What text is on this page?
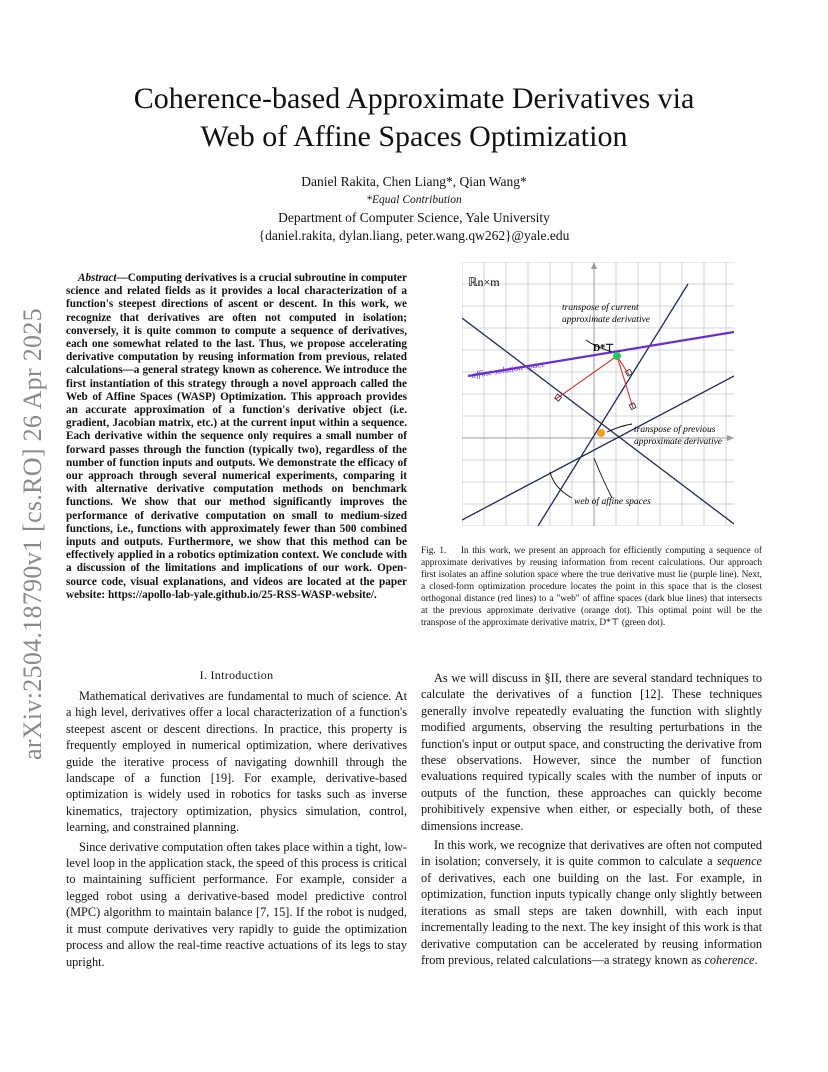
arXiv:2504.18790v1 [cs.RO] 26 Apr 2025
Coherence-based Approximate Derivatives via
Web of Affine Spaces Optimization
Daniel Rakita, Chen Liang*, Qian Wang*
*Equal Contribution
Department of Computer Science, Yale University
{daniel.rakita, dylan.liang, peter.wang.qw262}@yale.edu

Abstract—Computing derivatives is a crucial subroutine in computer science and related fields as it provides a local characterization of a function's steepest directions of ascent or descent. In this work, we recognize that derivatives are often not computed in isolation; conversely, it is quite common to compute a sequence of derivatives, each one somewhat related to the last. Thus, we propose accelerating derivative computation by reusing information from previous, related calculations—a general strategy known as coherence. We introduce the first instantiation of this strategy through a novel approach called the Web of Affine Spaces (WASP) Optimization. This approach provides an accurate approximation of a function's derivative object (i.e. gradient, Jacobian matrix, etc.) at the current input within a sequence. Each derivative within the sequence only requires a small number of forward passes through the function (typically two), regardless of the number of function inputs and outputs. We demonstrate the efficacy of our approach through several numerical experiments, comparing it with alternative derivative computation methods on benchmark functions. We show that our method significantly improves the performance of derivative computation on small to medium-sized functions, i.e., functions with approximately fewer than 500 combined inputs and outputs. Furthermore, we show that this method can be effectively applied in a robotics optimization context. We conclude with a discussion of the limitations and implications of our work. Open-source code, visual explanations, and videos are located at the paper website: https://apollo-lab-yale.github.io/25-RSS-WASP-website/.

I. Introduction

Mathematical derivatives are fundamental to much of science. At a high level, derivatives offer a local characterization of a function's steepest ascent or descent directions. In practice, this property is frequently employed in numerical optimization, where derivatives guide the iterative process of navigating downhill through the landscape of a function [19]. For example, derivative-based optimization is widely used in robotics for tasks such as inverse kinematics, trajectory optimization, physics simulation, control, learning, and constrained planning.

Since derivative computation often takes place within a tight, low-level loop in the application stack, the speed of this process is critical to maintaining sufficient performance. For example, consider a legged robot using a derivative-based model predictive control (MPC) algorithm to maintain balance [7, 15]. If the robot is nudged, it must compute derivatives very rapidly to guide the optimization process and allow the real-time reactive actuations of its legs to stay upright.

ℝn×m
transpose of current
approximate derivative
D*⊤
affine solution space
transpose of previous
approximate derivative
web of affine spaces
Fig. 1. In this work, we present an approach for efficiently computing a sequence of approximate derivatives by reusing information from recent calculations. Our approach first isolates an affine solution space where the true derivative must lie (purple line). Next, a closed-form optimization procedure locates the point in this space that is the closest orthogonal distance (red lines) to a "web" of affine spaces (dark blue lines) that intersects at the previous approximate derivative (orange dot). This optimal point will be the transpose of the approximate derivative matrix, D*⊤ (green dot).

As we will discuss in §II, there are several standard techniques to calculate the derivatives of a function [12]. These techniques generally involve repeatedly evaluating the function with slightly modified arguments, observing the resulting perturbations in the function's input or output space, and constructing the derivative from these observations. However, since the number of function evaluations required typically scales with the number of inputs or outputs of the function, these approaches can quickly become prohibitively expensive when either, or especially both, of these dimensions increase.

In this work, we recognize that derivatives are often not computed in isolation; conversely, it is quite common to calculate a sequence of derivatives, each one building on the last. For example, in optimization, function inputs typically change only slightly between iterations as small steps are taken downhill, with each input incrementally leading to the next. The key insight of this work is that derivative computation can be accelerated by reusing information from previous, related calculations—a strategy known as coherence.
